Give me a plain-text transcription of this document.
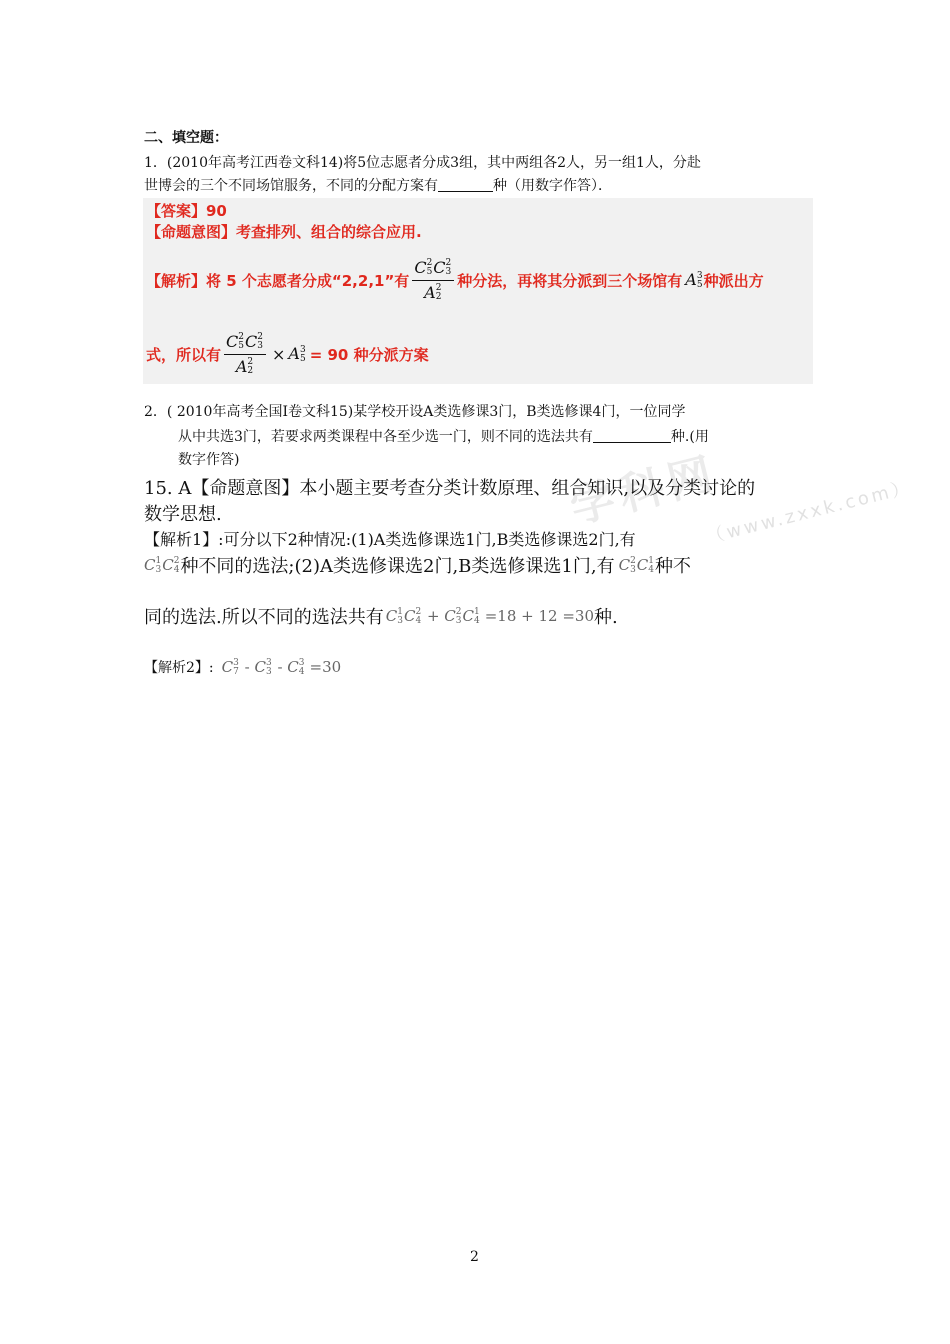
二、填空题：
1．(2010年高考江西卷文科14)将5位志愿者分成3组，其中两组各2人，另一组1人，分赴
世博会的三个不同场馆服务，不同的分配方案有	种（用数字作答）．
学科网
（www.zxxk.com）
【答案】90
【命题意图】考查排列、组合的综合应用.
【解析】将 5 个志愿者分成“2,2,1”有 C 2
5 C 2
3
A 2
2 种分法，再将其分派到三个场馆有 A 3
5 种派出方
式，所以有 C 2
5 C 2
3
A 2
2 × A 3
5 = 90 种分派方案
2．( 2010年高考全国Ⅰ卷文科15)某学校开设A类选修课3门，B类选修课4门，一位同学
从中共选3门，若要求两类课程中各至少选一门，则不同的选法共有	种.(用
数字作答)
15. A【命题意图】本小题主要考查分类计数原理、组合知识,以及分类讨论的
数学思想.
【解析1】:可分以下2种情况:(1)A类选修课选1门,B类选修课选2门,有
C 1
3 C 2
4 种不同的选法;(2)A类选修课选2门,B类选修课选1门,有 C 2
3 C 1
4 种不
同的选法.所以不同的选法共有 C 1
3 C 2
4 + C 2
3 C 1
4 =18 + 12 =30 种.
【解析2】: C 3
7 - C 3
3 - C 3
4 =30
2
